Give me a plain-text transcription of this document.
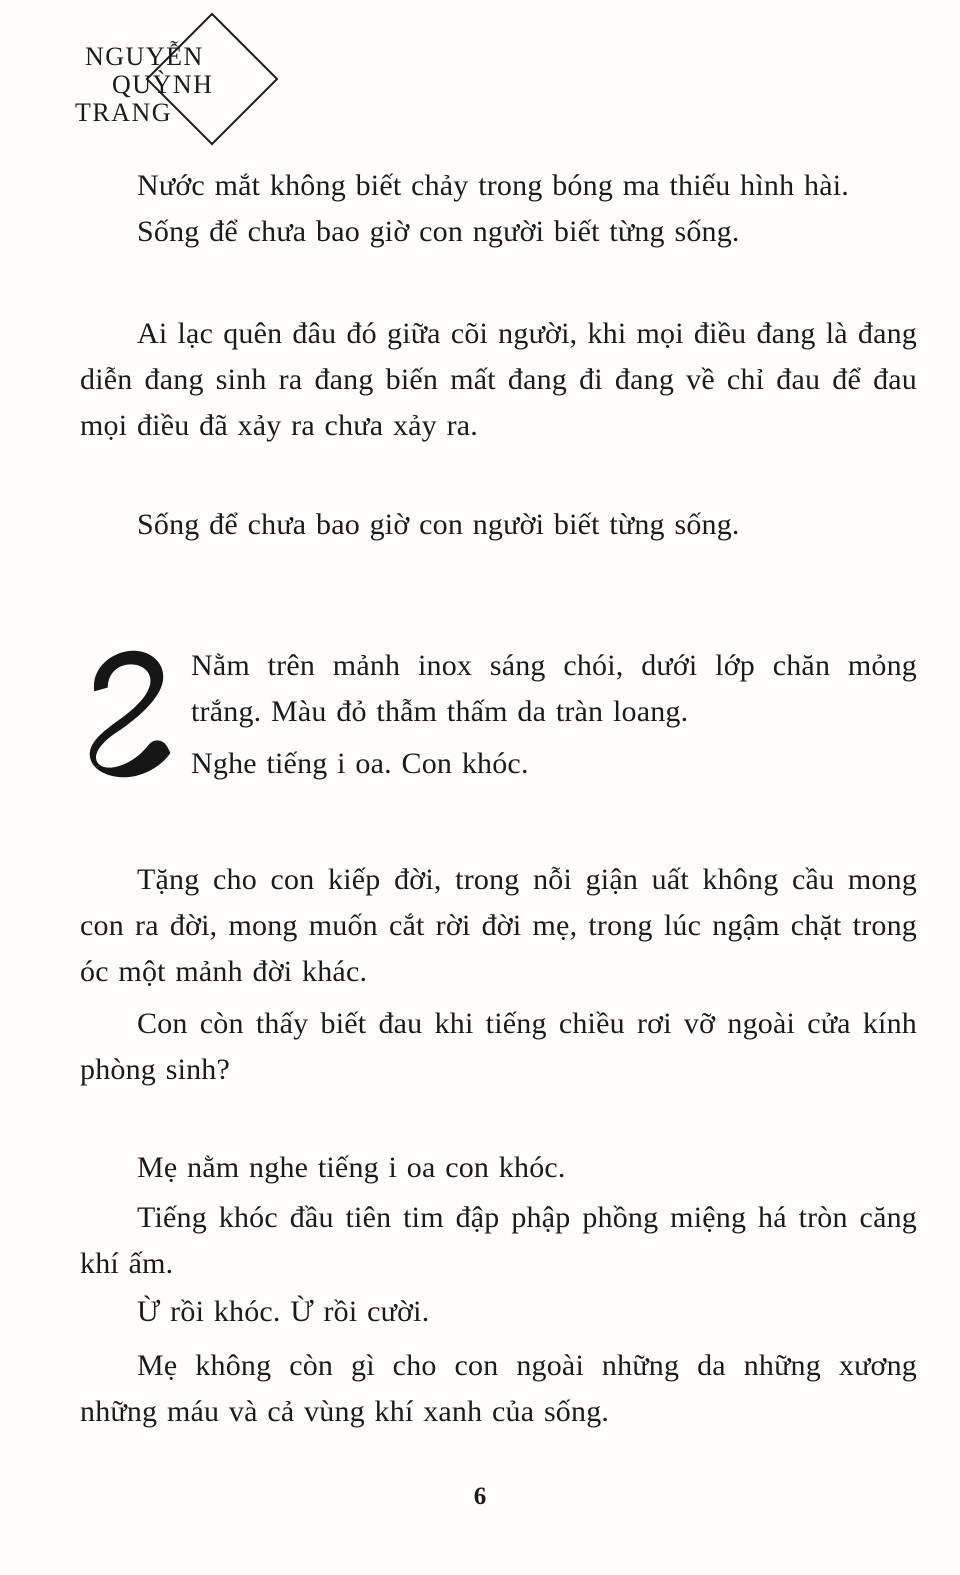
NGUYỄN
QUỲNH
TRANG

Nước mắt không biết chảy trong bóng ma thiếu hình hài.

Sống để chưa bao giờ con người biết từng sống.

Ai lạc quên đâu đó giữa cõi người, khi mọi điều đang là đang diễn đang sinh ra đang biến mất đang đi đang về chỉ đau để đau mọi điều đã xảy ra chưa xảy ra.

Sống để chưa bao giờ con người biết từng sống.

Nằm trên mảnh inox sáng chói, dưới lớp chăn mỏng trắng. Màu đỏ thẫm thấm da tràn loang.

Nghe tiếng i oa. Con khóc.

Tặng cho con kiếp đời, trong nỗi giận uất không cầu mong con ra đời, mong muốn cắt rời đời mẹ, trong lúc ngậm chặt trong óc một mảnh đời khác.

Con còn thấy biết đau khi tiếng chiều rơi vỡ ngoài cửa kính phòng sinh?

Mẹ nằm nghe tiếng i oa con khóc.

Tiếng khóc đầu tiên tim đập phập phồng miệng há tròn căng khí ấm.

Ừ rồi khóc. Ừ rồi cười.

Mẹ không còn gì cho con ngoài những da những xương những máu và cả vùng khí xanh của sống.

6
